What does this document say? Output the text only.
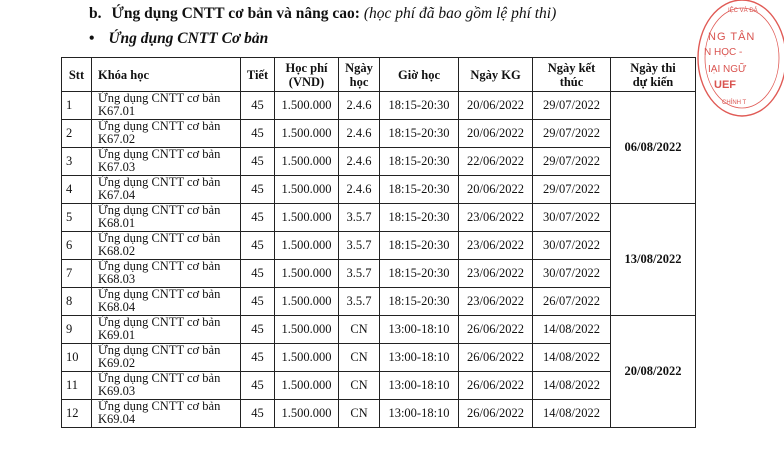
b. Ứng dụng CNTT cơ bản và nâng cao: (học phí đã bao gồm lệ phí thi)
• Ứng dụng CNTT Cơ bản
IỆC VÀ ĐẢ
NG TÂN
N HỌC -
IẠI NGỮ
UEF
CHÍNH T
Stt	Khóa học	Tiết	Học phí
(VND)	Ngày
học	Giờ học	Ngày KG	Ngày kết
thúc	Ngày thi
dự kiến
1	Ứng dụng CNTT cơ bản
K67.01	45	1.500.000	2.4.6	18:15-20:30	20/06/2022	29/07/2022	06/08/2022
2	Ứng dụng CNTT cơ bản
K67.02	45	1.500.000	2.4.6	18:15-20:30	20/06/2022	29/07/2022	
3	Ứng dụng CNTT cơ bản
K67.03	45	1.500.000	2.4.6	18:15-20:30	22/06/2022	29/07/2022	
4	Ứng dụng CNTT cơ bản
K67.04	45	1.500.000	2.4.6	18:15-20:30	20/06/2022	29/07/2022	
5	Ứng dụng CNTT cơ bản
K68.01	45	1.500.000	3.5.7	18:15-20:30	23/06/2022	30/07/2022	13/08/2022
6	Ứng dụng CNTT cơ bản
K68.02	45	1.500.000	3.5.7	18:15-20:30	23/06/2022	30/07/2022	
7	Ứng dụng CNTT cơ bản
K68.03	45	1.500.000	3.5.7	18:15-20:30	23/06/2022	30/07/2022	
8	Ứng dụng CNTT cơ bản
K68.04	45	1.500.000	3.5.7	18:15-20:30	23/06/2022	26/07/2022	
9	Ứng dụng CNTT cơ bản
K69.01	45	1.500.000	CN	13:00-18:10	26/06/2022	14/08/2022	20/08/2022
10	Ứng dụng CNTT cơ bản
K69.02	45	1.500.000	CN	13:00-18:10	26/06/2022	14/08/2022	
11	Ứng dụng CNTT cơ bản
K69.03	45	1.500.000	CN	13:00-18:10	26/06/2022	14/08/2022	
12	Ứng dụng CNTT cơ bản
K69.04	45	1.500.000	CN	13:00-18:10	26/06/2022	14/08/2022	
